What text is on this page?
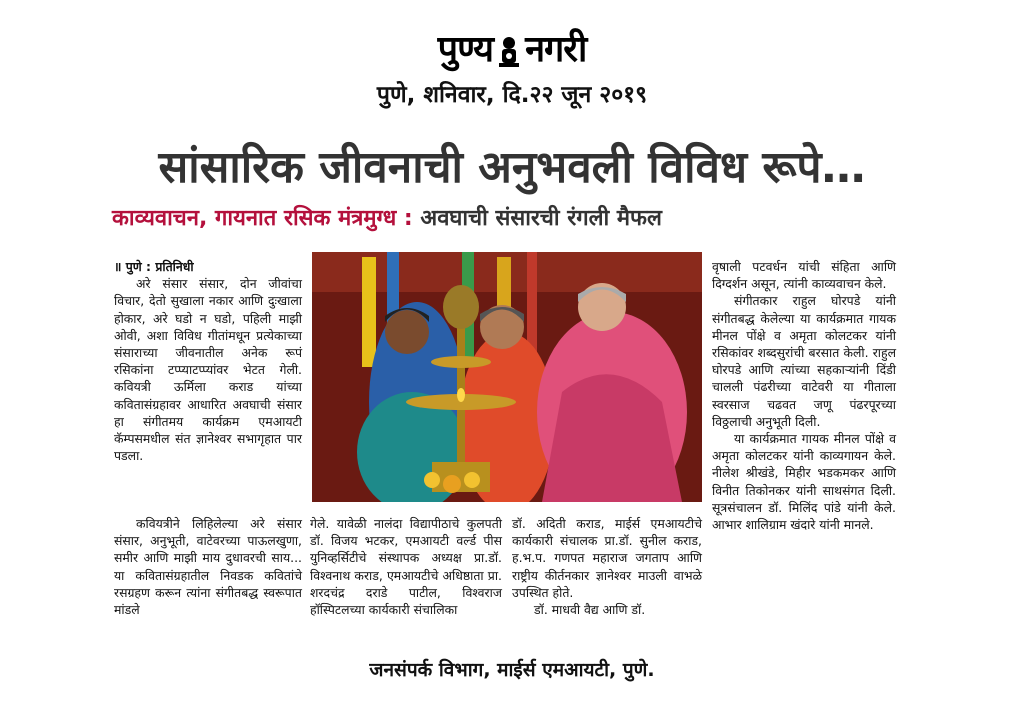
पुण्य नगरी
पुणे, शनिवार, दि.२२ जून २०१९
सांसारिक जीवनाची अनुभवली विविध रूपे…
काव्यवाचन, गायनात रसिक मंत्रमुग्ध : अवघाची संसारची रंगली मैफल

॥ पुणे : प्रतिनिधी

अरे संसार संसार, दोन जीवांचा विचार, देतो सुखाला नकार आणि दुःखाला होकार, अरे घडो न घडो, पहिली माझी ओवी, अशा विविध गीतांमधून प्रत्येकाच्या संसाराच्या जीवनातील अनेक रूपं रसिकांना टप्प्याटप्प्यांवर भेटत गेली. कवियत्री ऊर्मिला कराड यांच्या कवितासंग्रहावर आधारित अवघाची संसार हा संगीतमय कार्यक्रम एमआयटी कॅम्पसमधील संत ज्ञानेश्वर सभागृहात पार पडला.

कवियत्रीने लिहिलेल्या अरे संसार संसार, अनुभूती, वाटेवरच्या पाऊलखुणा, समीर आणि माझी माय दुधावरची साय... या कवितासंग्रहातील निवडक कवितांचे रसग्रहण करून त्यांना संगीतबद्ध स्वरूपात मांडले

गेले. यावेळी नालंदा विद्यापीठाचे कुलपती डॉ. विजय भटकर, एमआयटी वर्ल्ड पीस युनिव्हर्सिटीचे संस्थापक अध्यक्ष प्रा.डॉ. विश्वनाथ कराड, एमआयटीचे अधिष्ठाता प्रा. शरदचंद्र दराडे पाटील, विश्वराज हॉस्पिटलच्या कार्यकारी संचालिका

डॉ. अदिती कराड, माईर्स एमआयटीचे कार्यकारी संचालक प्रा.डॉ. सुनील कराड, ह.भ.प. गणपत महाराज जगताप आणि राष्ट्रीय कीर्तनकार ज्ञानेश्वर माउली वाभळे उपस्थित होते.

डॉ. माधवी वैद्य आणि डॉ.

वृषाली पटवर्धन यांची संहिता आणि दिग्दर्शन असून, त्यांनी काव्यवाचन केले.

संगीतकार राहुल घोरपडे यांनी संगीतबद्ध केलेल्या या कार्यक्रमात गायक मीनल पोंक्षे व अमृता कोलटकर यांनी रसिकांवर शब्दसुरांची बरसात केली. राहुल घोरपडे आणि त्यांच्या सहकाऱ्यांनी दिंडी चालली पंढरीच्या वाटेवरी या गीताला स्वरसाज चढवत जणू पंढरपूरच्या विठ्ठलाची अनुभूती दिली.

या कार्यक्रमात गायक मीनल पोंक्षे व अमृता कोलटकर यांनी काव्यगायन केले. नीलेश श्रीखंडे, मिहीर भडकमकर आणि विनीत तिकोनकर यांनी साथसंगत दिली. सूत्रसंचालन डॉ. मिलिंद पांडे यांनी केले. आभार शालिग्राम खंदारे यांनी मानले.

जनसंपर्क विभाग, माईर्स एमआयटी, पुणे.
